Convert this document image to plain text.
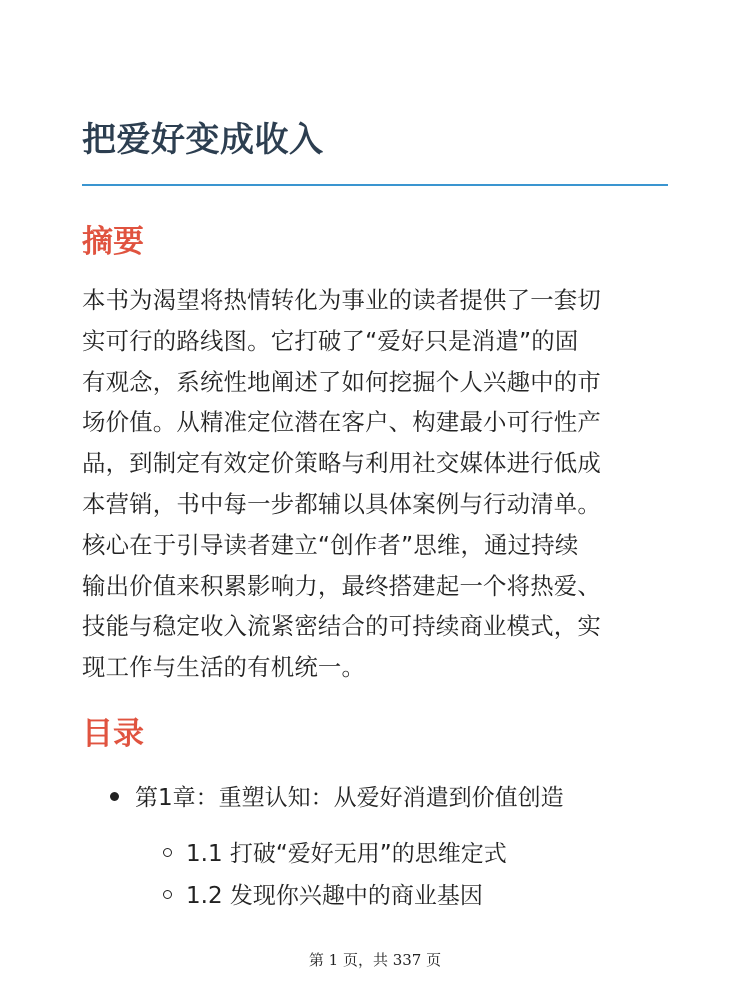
把爱好变成收入
摘要

本书为渴望将热情转化为事业的读者提供了一套切
实可行的路线图。它打破了“爱好只是消遣”的固
有观念，系统性地阐述了如何挖掘个人兴趣中的市
场价值。从精准定位潜在客户、构建最小可行性产
品，到制定有效定价策略与利用社交媒体进行低成
本营销，书中每一步都辅以具体案例与行动清单。
核心在于引导读者建立“创作者”思维，通过持续
输出价值来积累影响力，最终搭建起一个将热爱、
技能与稳定收入流紧密结合的可持续商业模式，实
现工作与生活的有机统一。

目录
第1章：重塑认知：从爱好消遣到价值创造
1.1 打破“爱好无用”的思维定式
1.2 发现你兴趣中的商业基因
第 1 页，共 337 页
